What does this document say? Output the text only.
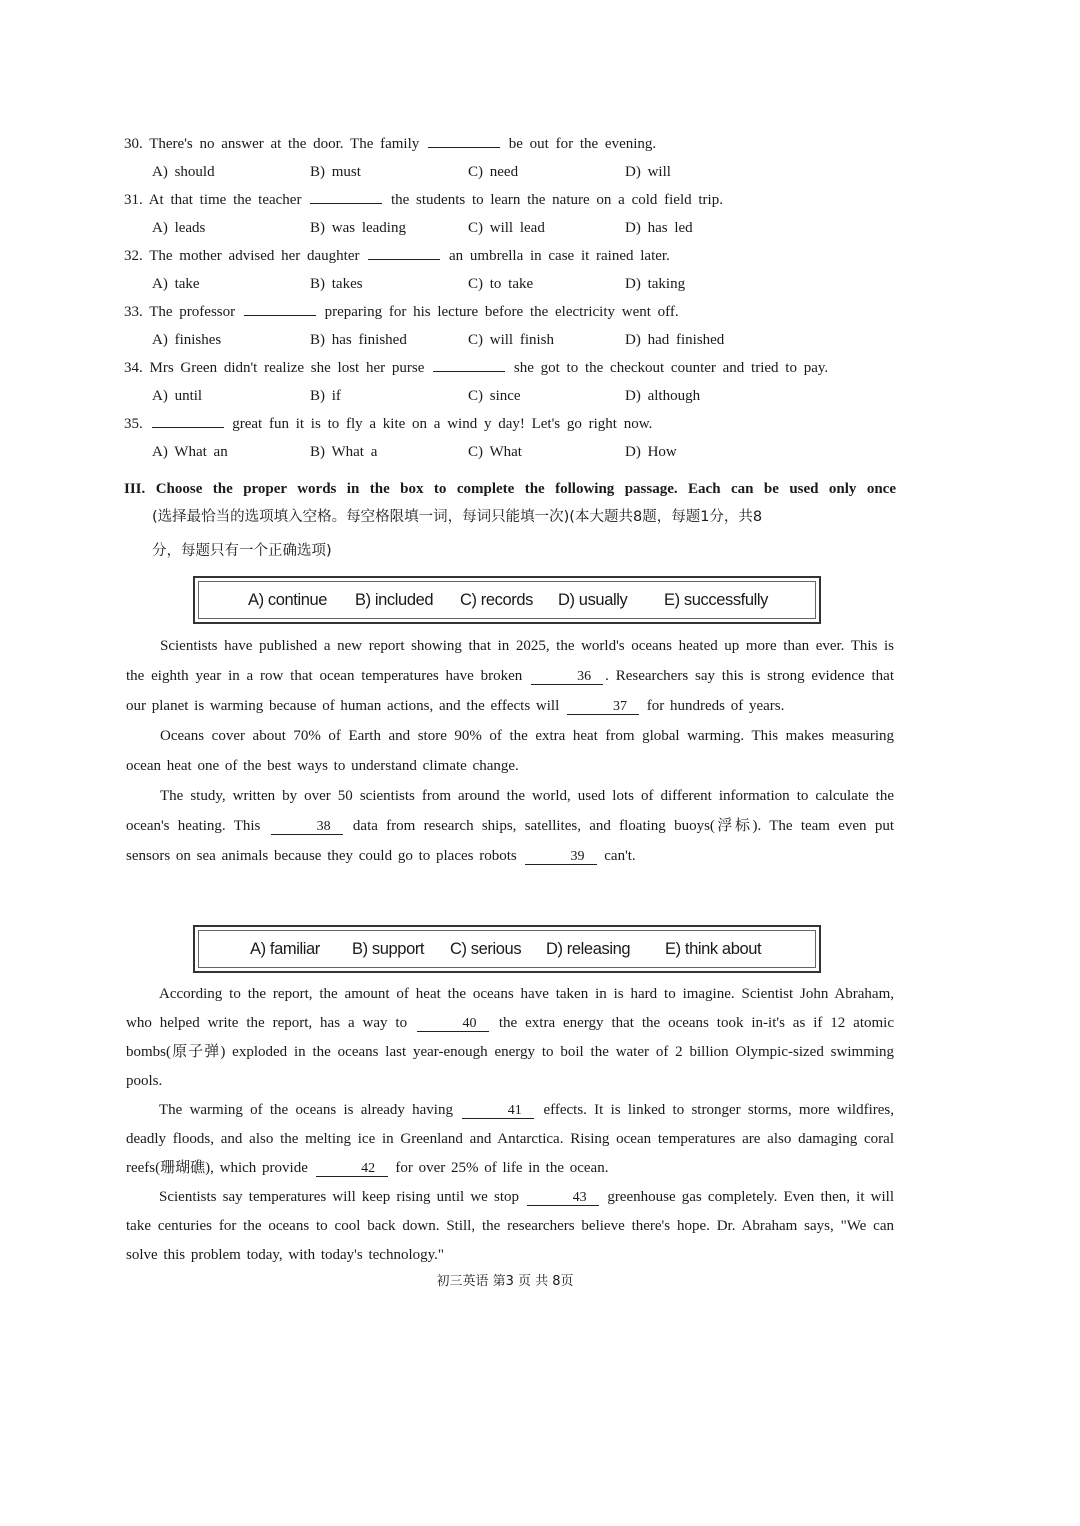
30. There's no answer at the door. The family	be out for the evening.
A) should	B) must	C) need	D) will
31. At that time the teacher	the students to learn the nature on a cold field trip.
A) leads	B) was leading	C) will lead	D) has led
32. The mother advised her daughter	an umbrella in case it rained later.
A) take	B) takes	C) to take	D) taking
33. The professor	preparing for his lecture before the electricity went off.
A) finishes	B) has finished	C) will finish	D) had finished
34. Mrs Green didn't realize she lost her purse	she got to the checkout counter and tried to pay.
A) until	B) if	C) since	D) although
35.	great fun it is to fly a kite on a wind y day! Let's go right now.
A) What an	B) What a	C) What	D) How
III. Choose the proper words in the box to complete the following passage. Each can be used only once
(选择最恰当的选项填入空格。每空格限填一词，每词只能填一次)(本大题共8题，每题1分，共8
分，每题只有一个正确选项)
A) continue B) included C) records D) usually E) successfully

Scientists have published a new report showing that in 2025, the world's oceans heated up more than ever. This is the eighth year in a row that ocean temperatures have broken	36 . Researchers say this is strong evidence that our planet is warming because of human actions, and the effects will	37 for hundreds of years.

Oceans cover about 70% of Earth and store 90% of the extra heat from global warming. This makes measuring ocean heat one of the best ways to understand climate change.

The study, written by over 50 scientists from around the world, used lots of different information to calculate the ocean's heating. This	38 data from research ships, satellites, and floating buoys(浮标). The team even put sensors on sea animals because they could go to places robots	39 can't.

A) familiar B) support C) serious D) releasing E) think about

According to the report, the amount of heat the oceans have taken in is hard to imagine. Scientist John Abraham, who helped write the report, has a way to	40 the extra energy that the oceans took in-it's as if 12 atomic bombs(原子弹) exploded in the oceans last year-enough energy to boil the water of 2 billion Olympic-sized swimming pools.

The warming of the oceans is already having	41 effects. It is linked to stronger storms, more wildfires, deadly floods, and also the melting ice in Greenland and Antarctica. Rising ocean temperatures are also damaging coral reefs(珊瑚礁), which provide	42 for over 25% of life in the ocean.

Scientists say temperatures will keep rising until we stop	43 greenhouse gas completely. Even then, it will take centuries for the oceans to cool back down. Still, the researchers believe there's hope. Dr. Abraham says, "We can solve this problem today, with today's technology."

初三英语 第3 页 共 8页
